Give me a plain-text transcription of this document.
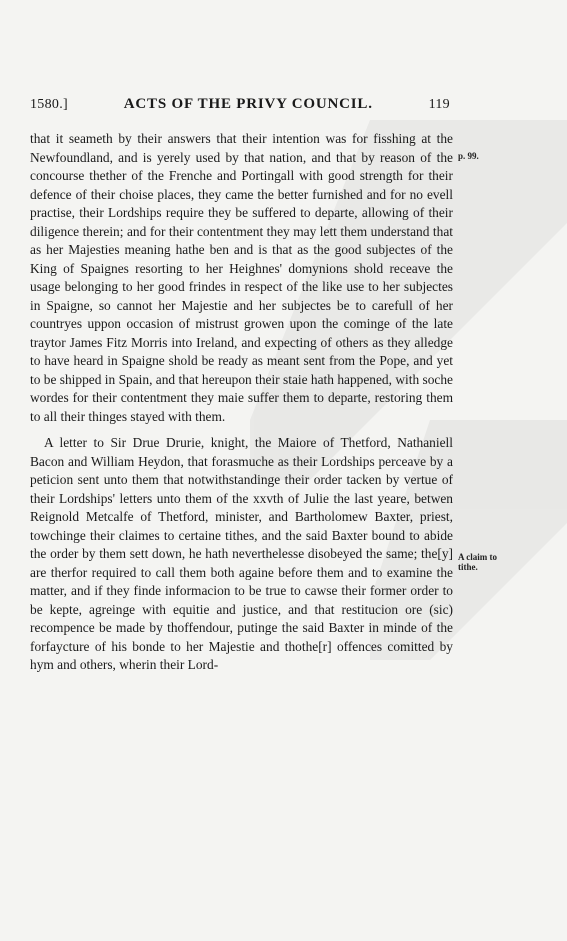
1580.]	ACTS OF THE PRIVY COUNCIL.	119
p. 99.
A claim to tithe.

that it seameth by their answers that their intention was for fisshing at the Newfoundland, and is yerely used by that nation, and that by reason of the concourse thether of the Frenche and Portingall with good strength for their defence of their choise places, they came the better furnished and for no evell practise, their Lordships require they be suffered to departe, allowing of their diligence therein; and for their contentment they may lett them understand that as her Majesties meaning hathe ben and is that as the good subjectes of the King of Spaignes resorting to her Heighnes' domynions shold receave the usage belonging to her good frindes in respect of the like use to her subjectes in Spaigne, so cannot her Majestie and her subjectes be to carefull of her countryes uppon occasion of mistrust growen upon the cominge of the late traytor James Fitz Morris into Ireland, and expecting of others as they alledge to have heard in Spaigne shold be ready as meant sent from the Pope, and yet to be shipped in Spain, and that hereupon their staie hath happened, with soche wordes for their contentment they maie suffer them to departe, restoring them to all their thinges stayed with them.

A letter to Sir Drue Drurie, knight, the Maiore of Thetford, Nathaniell Bacon and William Heydon, that forasmuche as their Lordships perceave by a peticion sent unto them that notwithstandinge their order tacken by vertue of their Lordships' letters unto them of the xxvth of Julie the last yeare, betwen Reignold Metcalfe of Thetford, minister, and Bartholomew Baxter, priest, towchinge their claimes to certaine tithes, and the said Baxter bound to abide the order by them sett down, he hath neverthelesse disobeyed the same; the[y] are therfor required to call them both againe before them and to examine the matter, and if they finde informacion to be true to cawse their former order to be kepte, agreinge with equitie and justice, and that restitucion ore (sic) recompence be made by thoffendour, putinge the said Baxter in minde of the forfaycture of his bonde to her Majestie and thothe[r] offences comitted by hym and others, wherin their Lord-
